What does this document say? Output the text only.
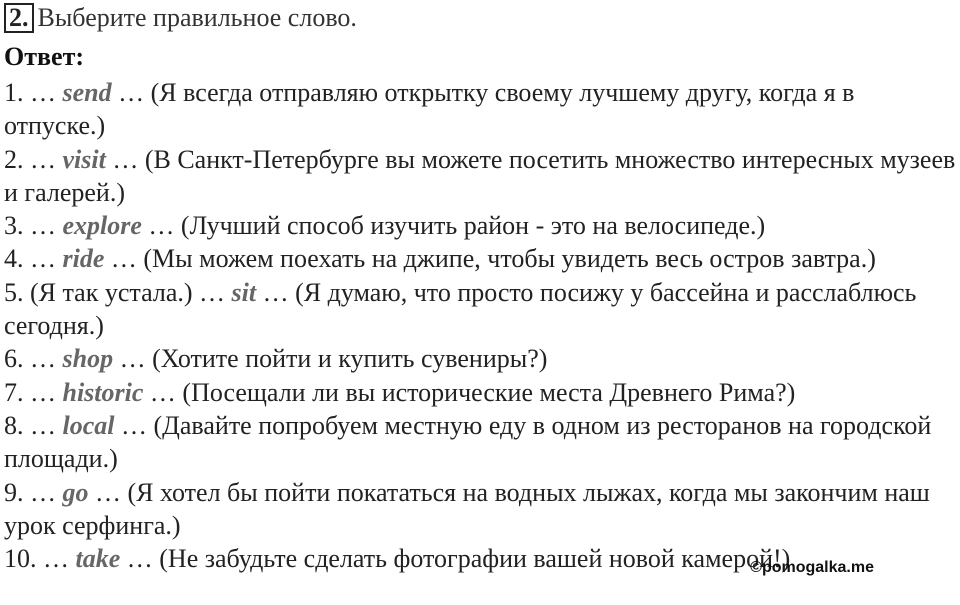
2. Выберите правильное слово.
Ответ:
1. … send … (Я всегда отправляю открытку своему лучшему другу, когда я в отпуске.)
2. … visit … (В Санкт-Петербурге вы можете посетить множество интересных музеев и галерей.)
3. … explore … (Лучший способ изучить район - это на велосипеде.)
4. … ride … (Мы можем поехать на джипе, чтобы увидеть весь остров завтра.)
5. (Я так устала.) … sit … (Я думаю, что просто посижу у бассейна и расслаблюсь сегодня.)
6. … shop … (Хотите пойти и купить сувениры?)
7. … historic … (Посещали ли вы исторические места Древнего Рима?)
8. … local … (Давайте попробуем местную еду в одном из ресторанов на городской площади.)
9. … go … (Я хотел бы пойти покататься на водных лыжах, когда мы закончим наш урок серфинга.)
10. … take … (Не забудьте сделать фотографии вашей новой камерой!)
©pomogalka.me
